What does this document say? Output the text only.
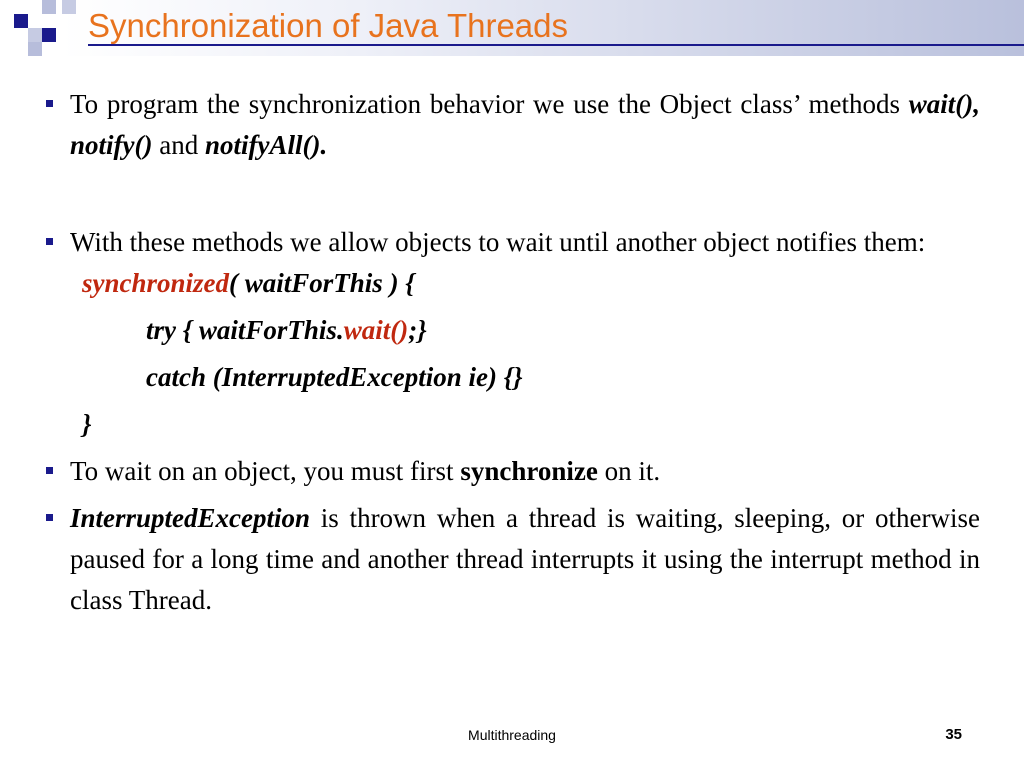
Synchronization of Java Threads
To program the synchronization behavior we use the Object class’ methods wait(), notify() and notifyAll().
With these methods we allow objects to wait until another object notifies them:
synchronized( waitForThis ) {
try { waitForThis.wait();}
catch (InterruptedException ie) {}
}
To wait on an object, you must first synchronize on it.
InterruptedException is thrown when a thread is waiting, sleeping, or otherwise paused for a long time and another thread interrupts it using the interrupt method in class Thread.
Multithreading	35
